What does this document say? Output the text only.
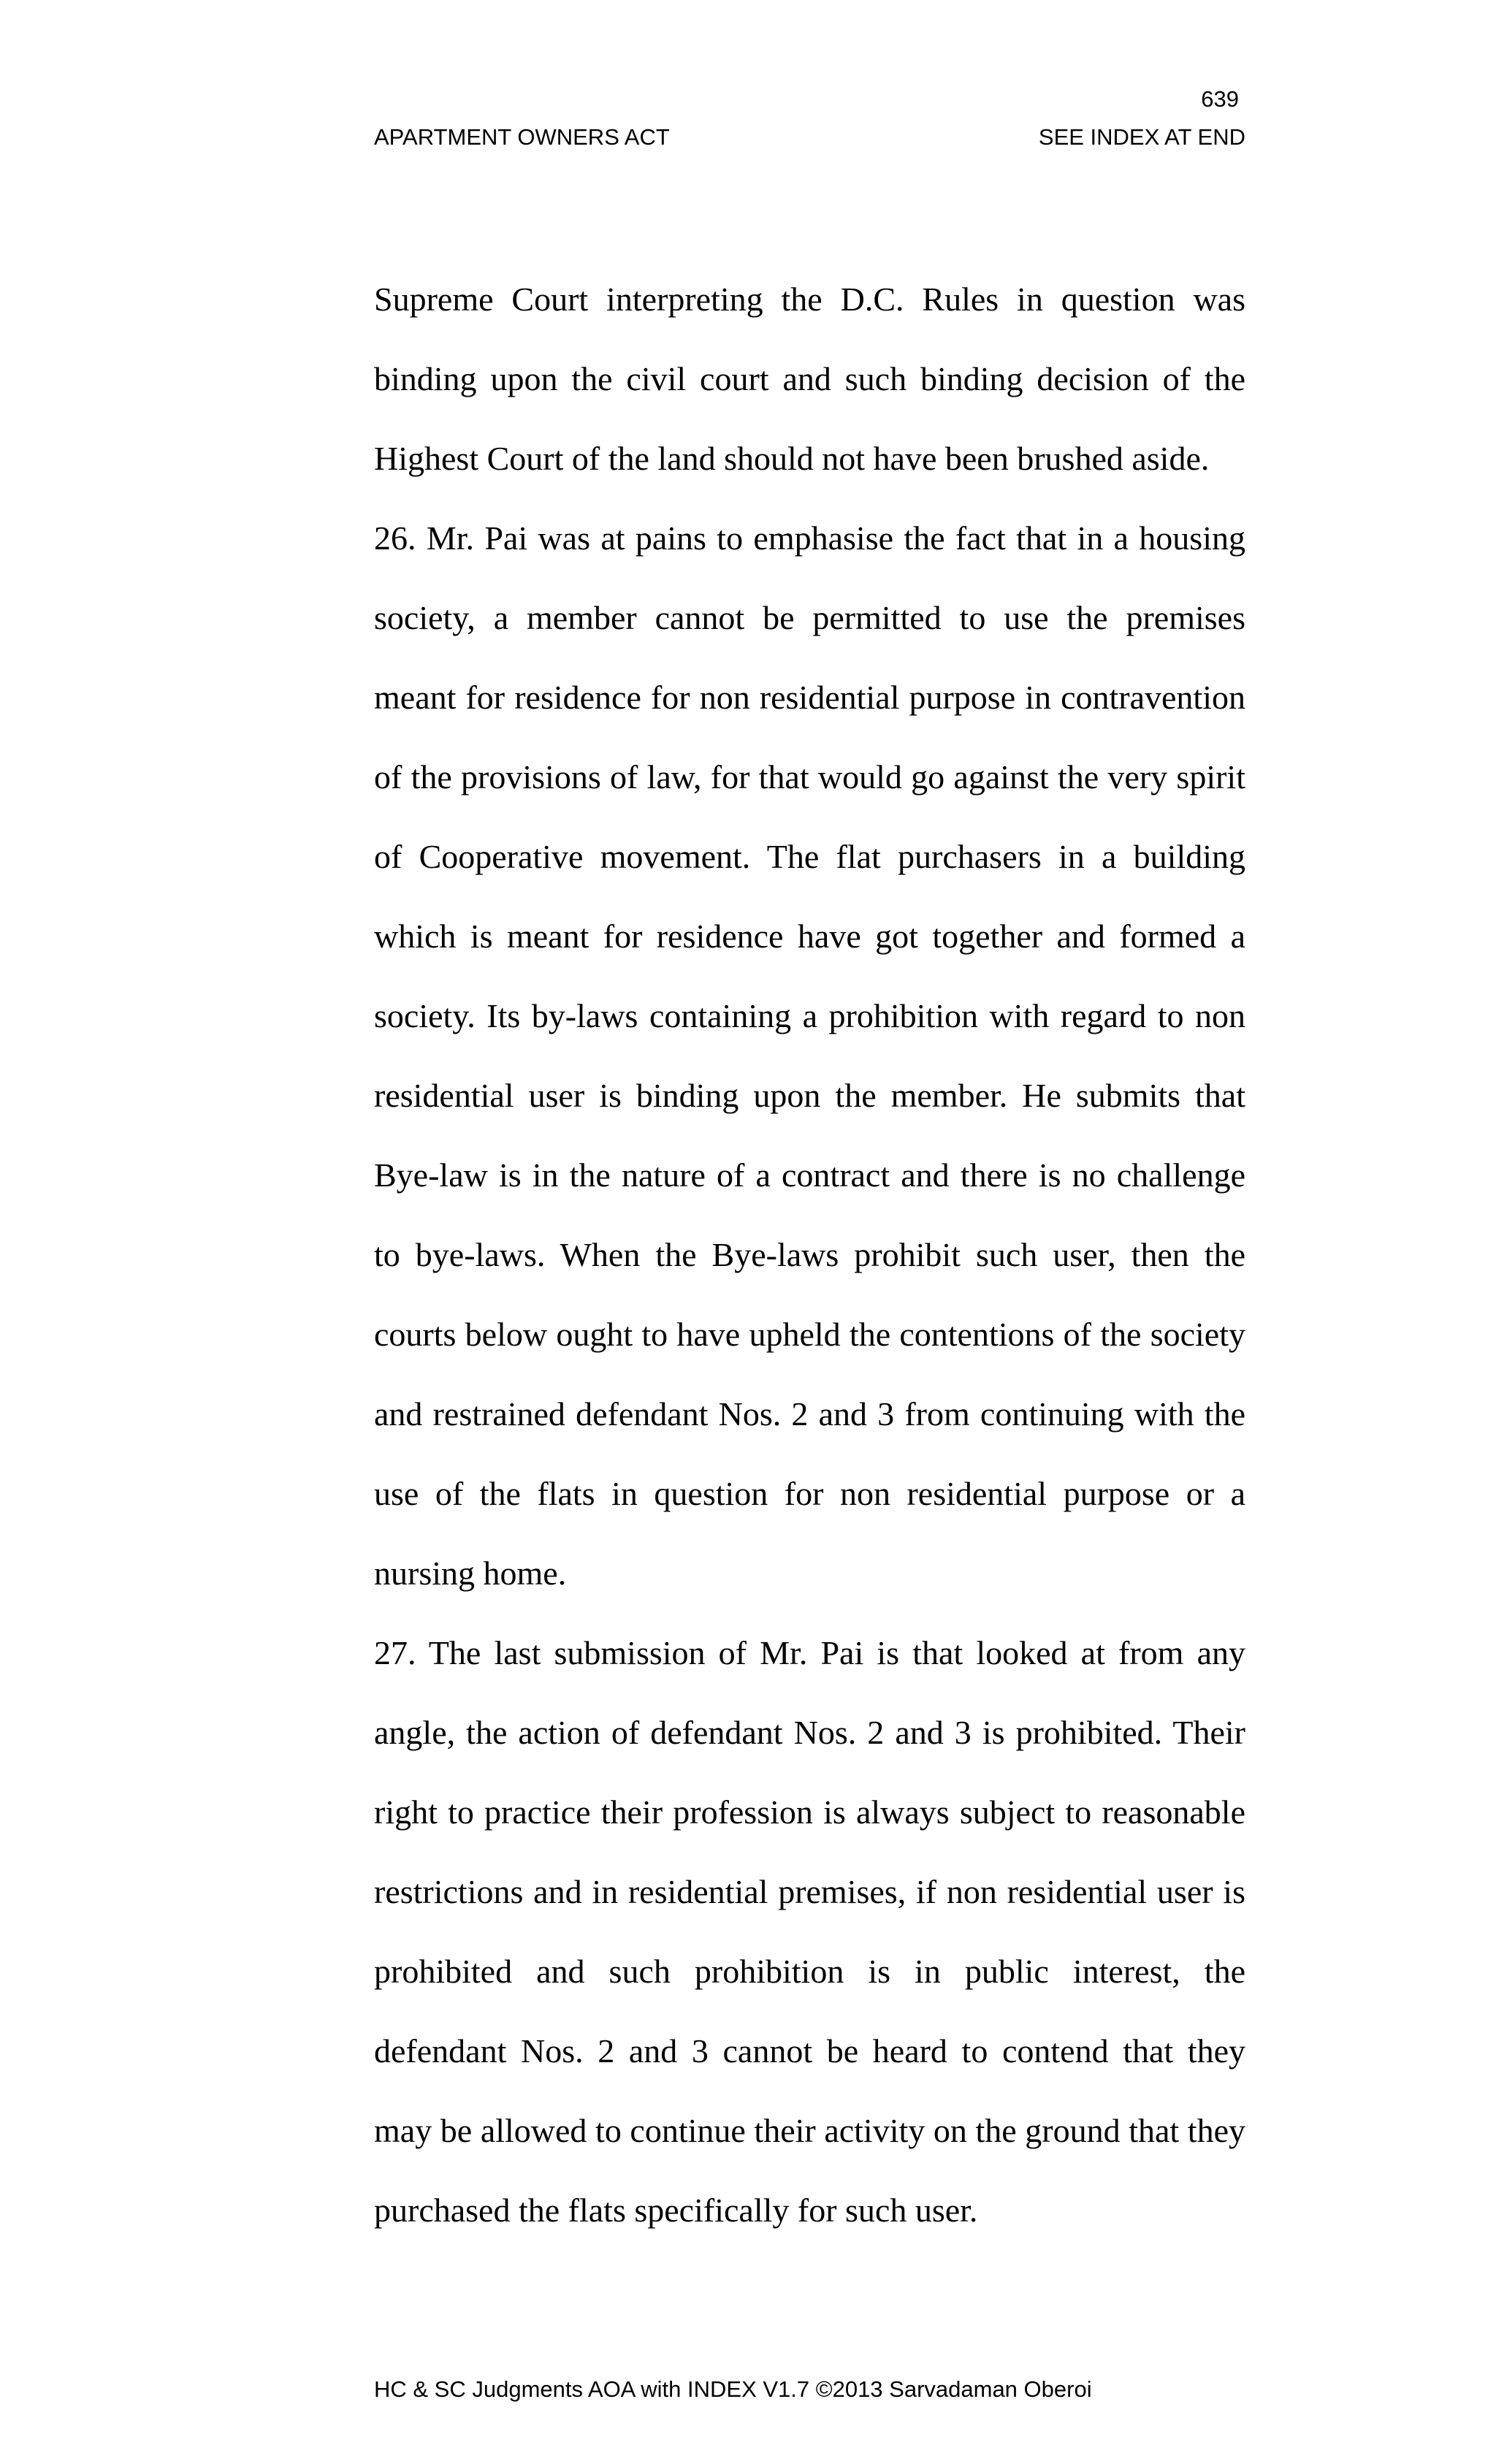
639
APARTMENT OWNERS ACT	SEE INDEX AT END

Supreme Court interpreting the D.C. Rules in question was binding upon the civil court and such binding decision of the Highest Court of the land should not have been brushed aside.

26. Mr. Pai was at pains to emphasise the fact that in a housing society, a member cannot be permitted to use the premises meant for residence for non residential purpose in contravention of the provisions of law, for that would go against the very spirit of Cooperative movement. The flat purchasers in a building which is meant for residence have got together and formed a society. Its by-laws containing a prohibition with regard to non residential user is binding upon the member. He submits that Bye-law is in the nature of a contract and there is no challenge to bye-laws. When the Bye-laws prohibit such user, then the courts below ought to have upheld the contentions of the society and restrained defendant Nos. 2 and 3 from continuing with the use of the flats in question for non residential purpose or a nursing home.

27. The last submission of Mr. Pai is that looked at from any angle, the action of defendant Nos. 2 and 3 is prohibited. Their right to practice their profession is always subject to reasonable restrictions and in residential premises, if non residential user is prohibited and such prohibition is in public interest, the defendant Nos. 2 and 3 cannot be heard to contend that they may be allowed to continue their activity on the ground that they purchased the flats specifically for such user.

HC & SC Judgments AOA with INDEX V1.7 ©2013 Sarvadaman Oberoi
